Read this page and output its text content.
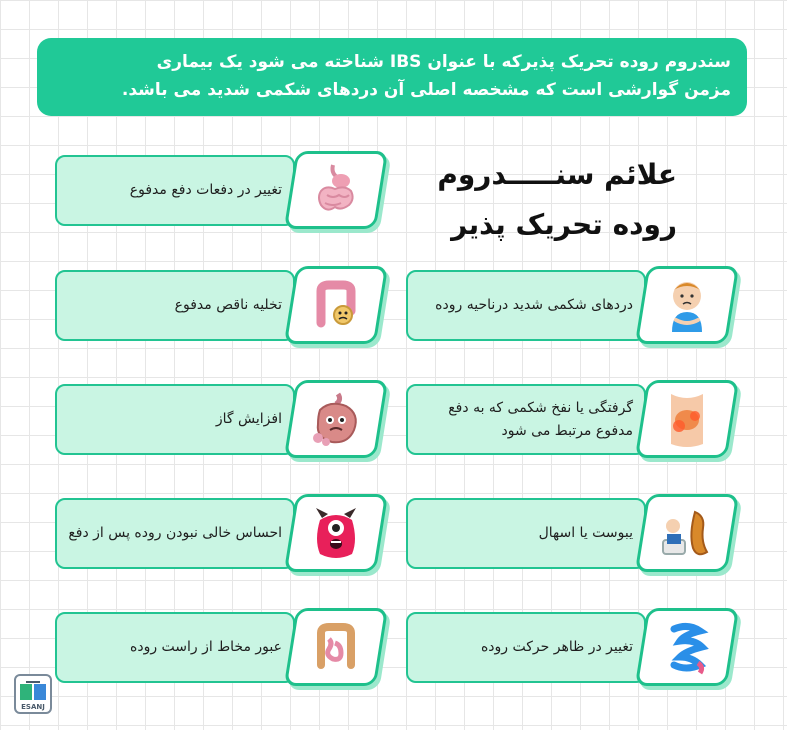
سندروم روده تحریک پذیرکه با عنوان IBS شناخته می شود یک بیماری
مزمن گوارشی است که مشخصه اصلی آن دردهای شکمی شدید می باشد.
علائم سنـــــدروم
روده تحریک پذیر
تغییر در دفعات دفع مدفوع
تخلیه ناقص مدفوع
افزایش گاز
احساس خالی نبودن روده پس از دفع
عبور مخاط از راست روده
دردهای شکمی شدید درناحیه روده
گرفتگی یا نفخ شکمی که به دفع مدفوع مرتبط می شود
یبوست یا اسهال
تغییر در ظاهر حرکت روده
ESANJ
